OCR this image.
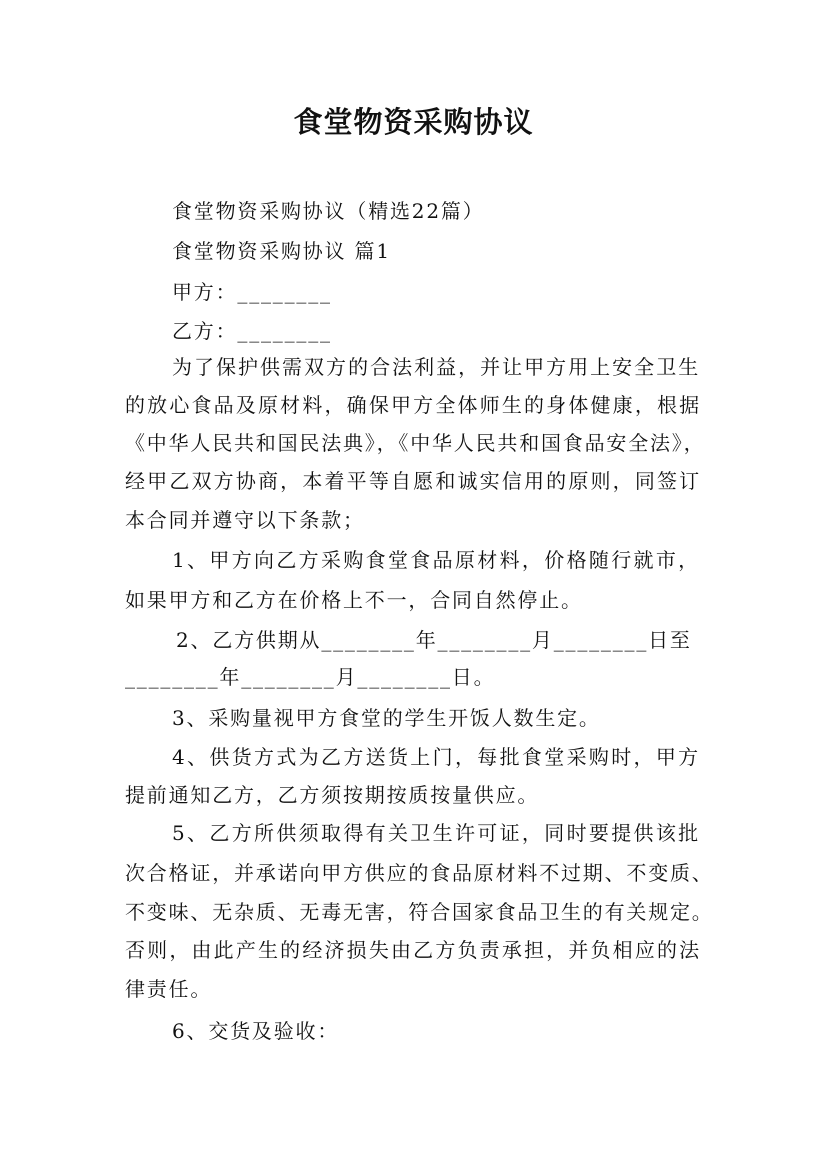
食堂物资采购协议
食堂物资采购协议（精选22篇）
食堂物资采购协议 篇1
甲方：________
乙方：________
为了保护供需双方的合法利益，并让甲方用上安全卫生
的放心食品及原材料，确保甲方全体师生的身体健康，根据
《中华人民共和国民法典》，《中华人民共和国食品安全法》，
经甲乙双方协商，本着平等自愿和诚实信用的原则，同签订
本合同并遵守以下条款；
1、甲方向乙方采购食堂食品原材料，价格随行就市，
如果甲方和乙方在价格上不一，合同自然停止。
2、乙方供期从________年________月________日至
________年________月________日。
3、采购量视甲方食堂的学生开饭人数生定。
4、供货方式为乙方送货上门，每批食堂采购时，甲方
提前通知乙方，乙方须按期按质按量供应。
5、乙方所供须取得有关卫生许可证，同时要提供该批
次合格证，并承诺向甲方供应的食品原材料不过期、不变质、
不变味、无杂质、无毒无害，符合国家食品卫生的有关规定。
否则，由此产生的经济损失由乙方负责承担，并负相应的法
律责任。
6、交货及验收：
